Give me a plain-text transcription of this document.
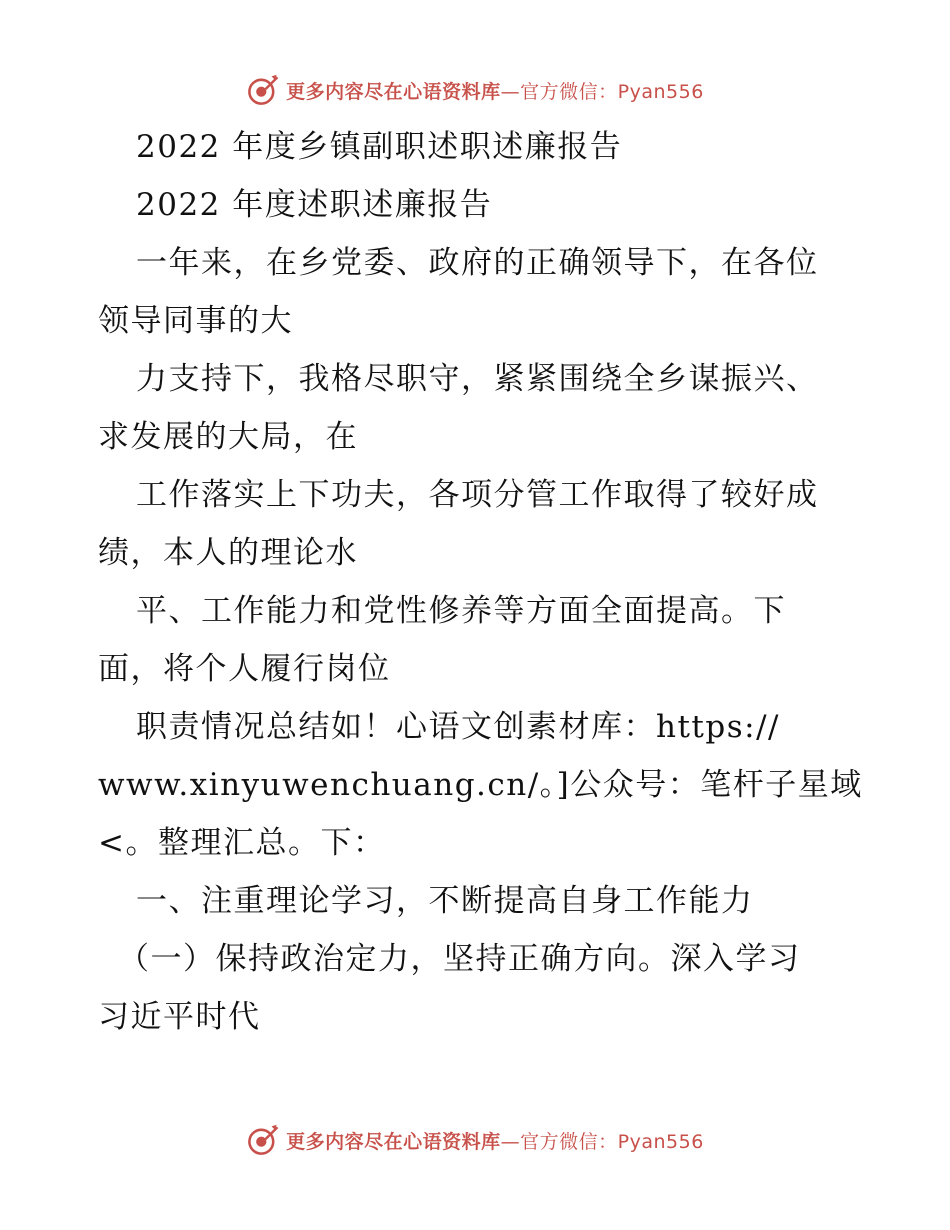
更多内容尽在心语资料库—官方微信：Pyan556
2022 年度乡镇副职述职述廉报告
2022 年度述职述廉报告
一年来，在乡党委、政府的正确领导下，在各位
领导同事的大
力支持下，我格尽职守，紧紧围绕全乡谋振兴、
求发展的大局，在
工作落实上下功夫，各项分管工作取得了较好成
绩，本人的理论水
平、工作能力和党性修养等方面全面提高。下
面，将个人履行岗位
职责情况总结如！心语文创素材库：https://
www.xinyuwenchuang.cn/。]公众号：笔杆子星域
<。整理汇总。下：
一、注重理论学习，不断提高自身工作能力
（一）保持政治定力，坚持正确方向。深入学习
习近平时代
更多内容尽在心语资料库—官方微信：Pyan556
